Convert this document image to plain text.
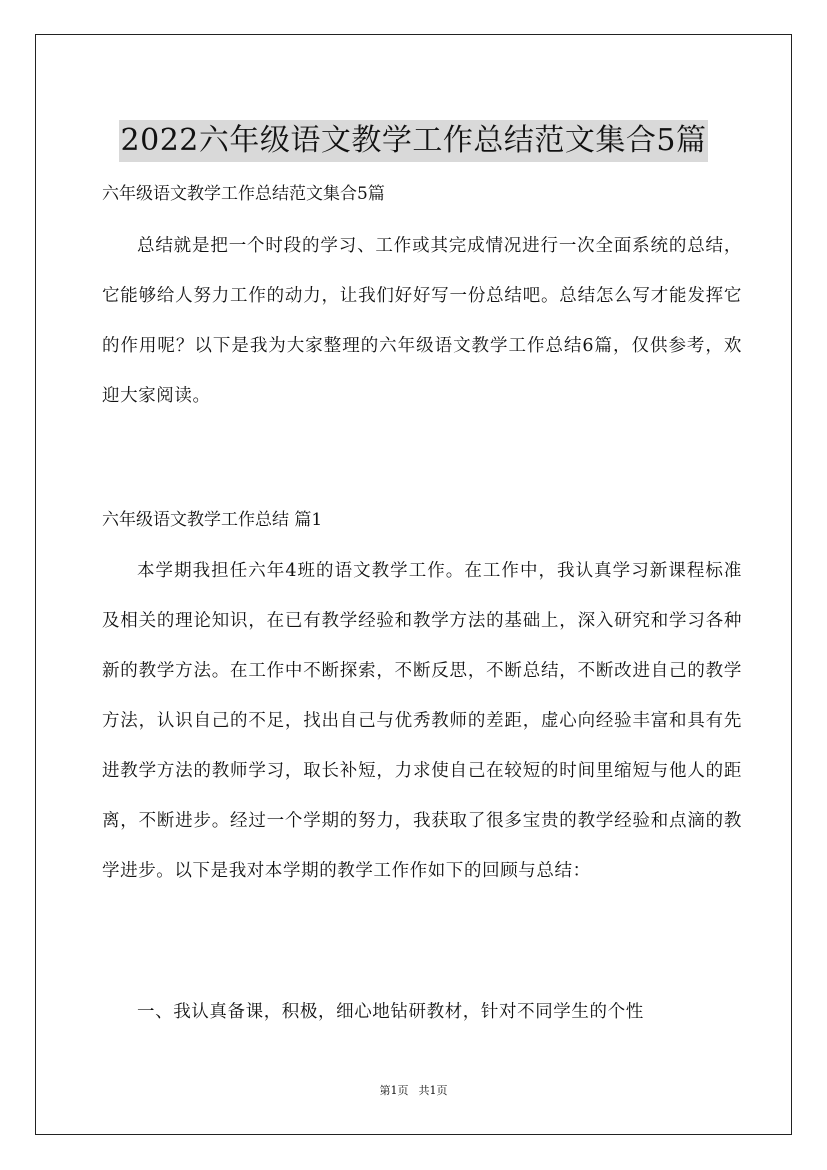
2022六年级语文教学工作总结范文集合5篇
六年级语文教学工作总结范文集合5篇

总结就是把一个时段的学习、工作或其完成情况进行一次全面系统的总结，它能够给人努力工作的动力，让我们好好写一份总结吧。总结怎么写才能发挥它的作用呢？以下是我为大家整理的六年级语文教学工作总结6篇，仅供参考，欢迎大家阅读。

六年级语文教学工作总结 篇1

本学期我担任六年4班的语文教学工作。在工作中，我认真学习新课程标准及相关的理论知识，在已有教学经验和教学方法的基础上，深入研究和学习各种新的教学方法。在工作中不断探索，不断反思，不断总结，不断改进自己的教学方法，认识自己的不足，找出自己与优秀教师的差距，虚心向经验丰富和具有先进教学方法的教师学习，取长补短，力求使自己在较短的时间里缩短与他人的距离，不断进步。经过一个学期的努力，我获取了很多宝贵的教学经验和点滴的教学进步。以下是我对本学期的教学工作作如下的回顾与总结：

一、我认真备课，积极，细心地钻研教材，针对不同学生的个性

第1页 共1页
